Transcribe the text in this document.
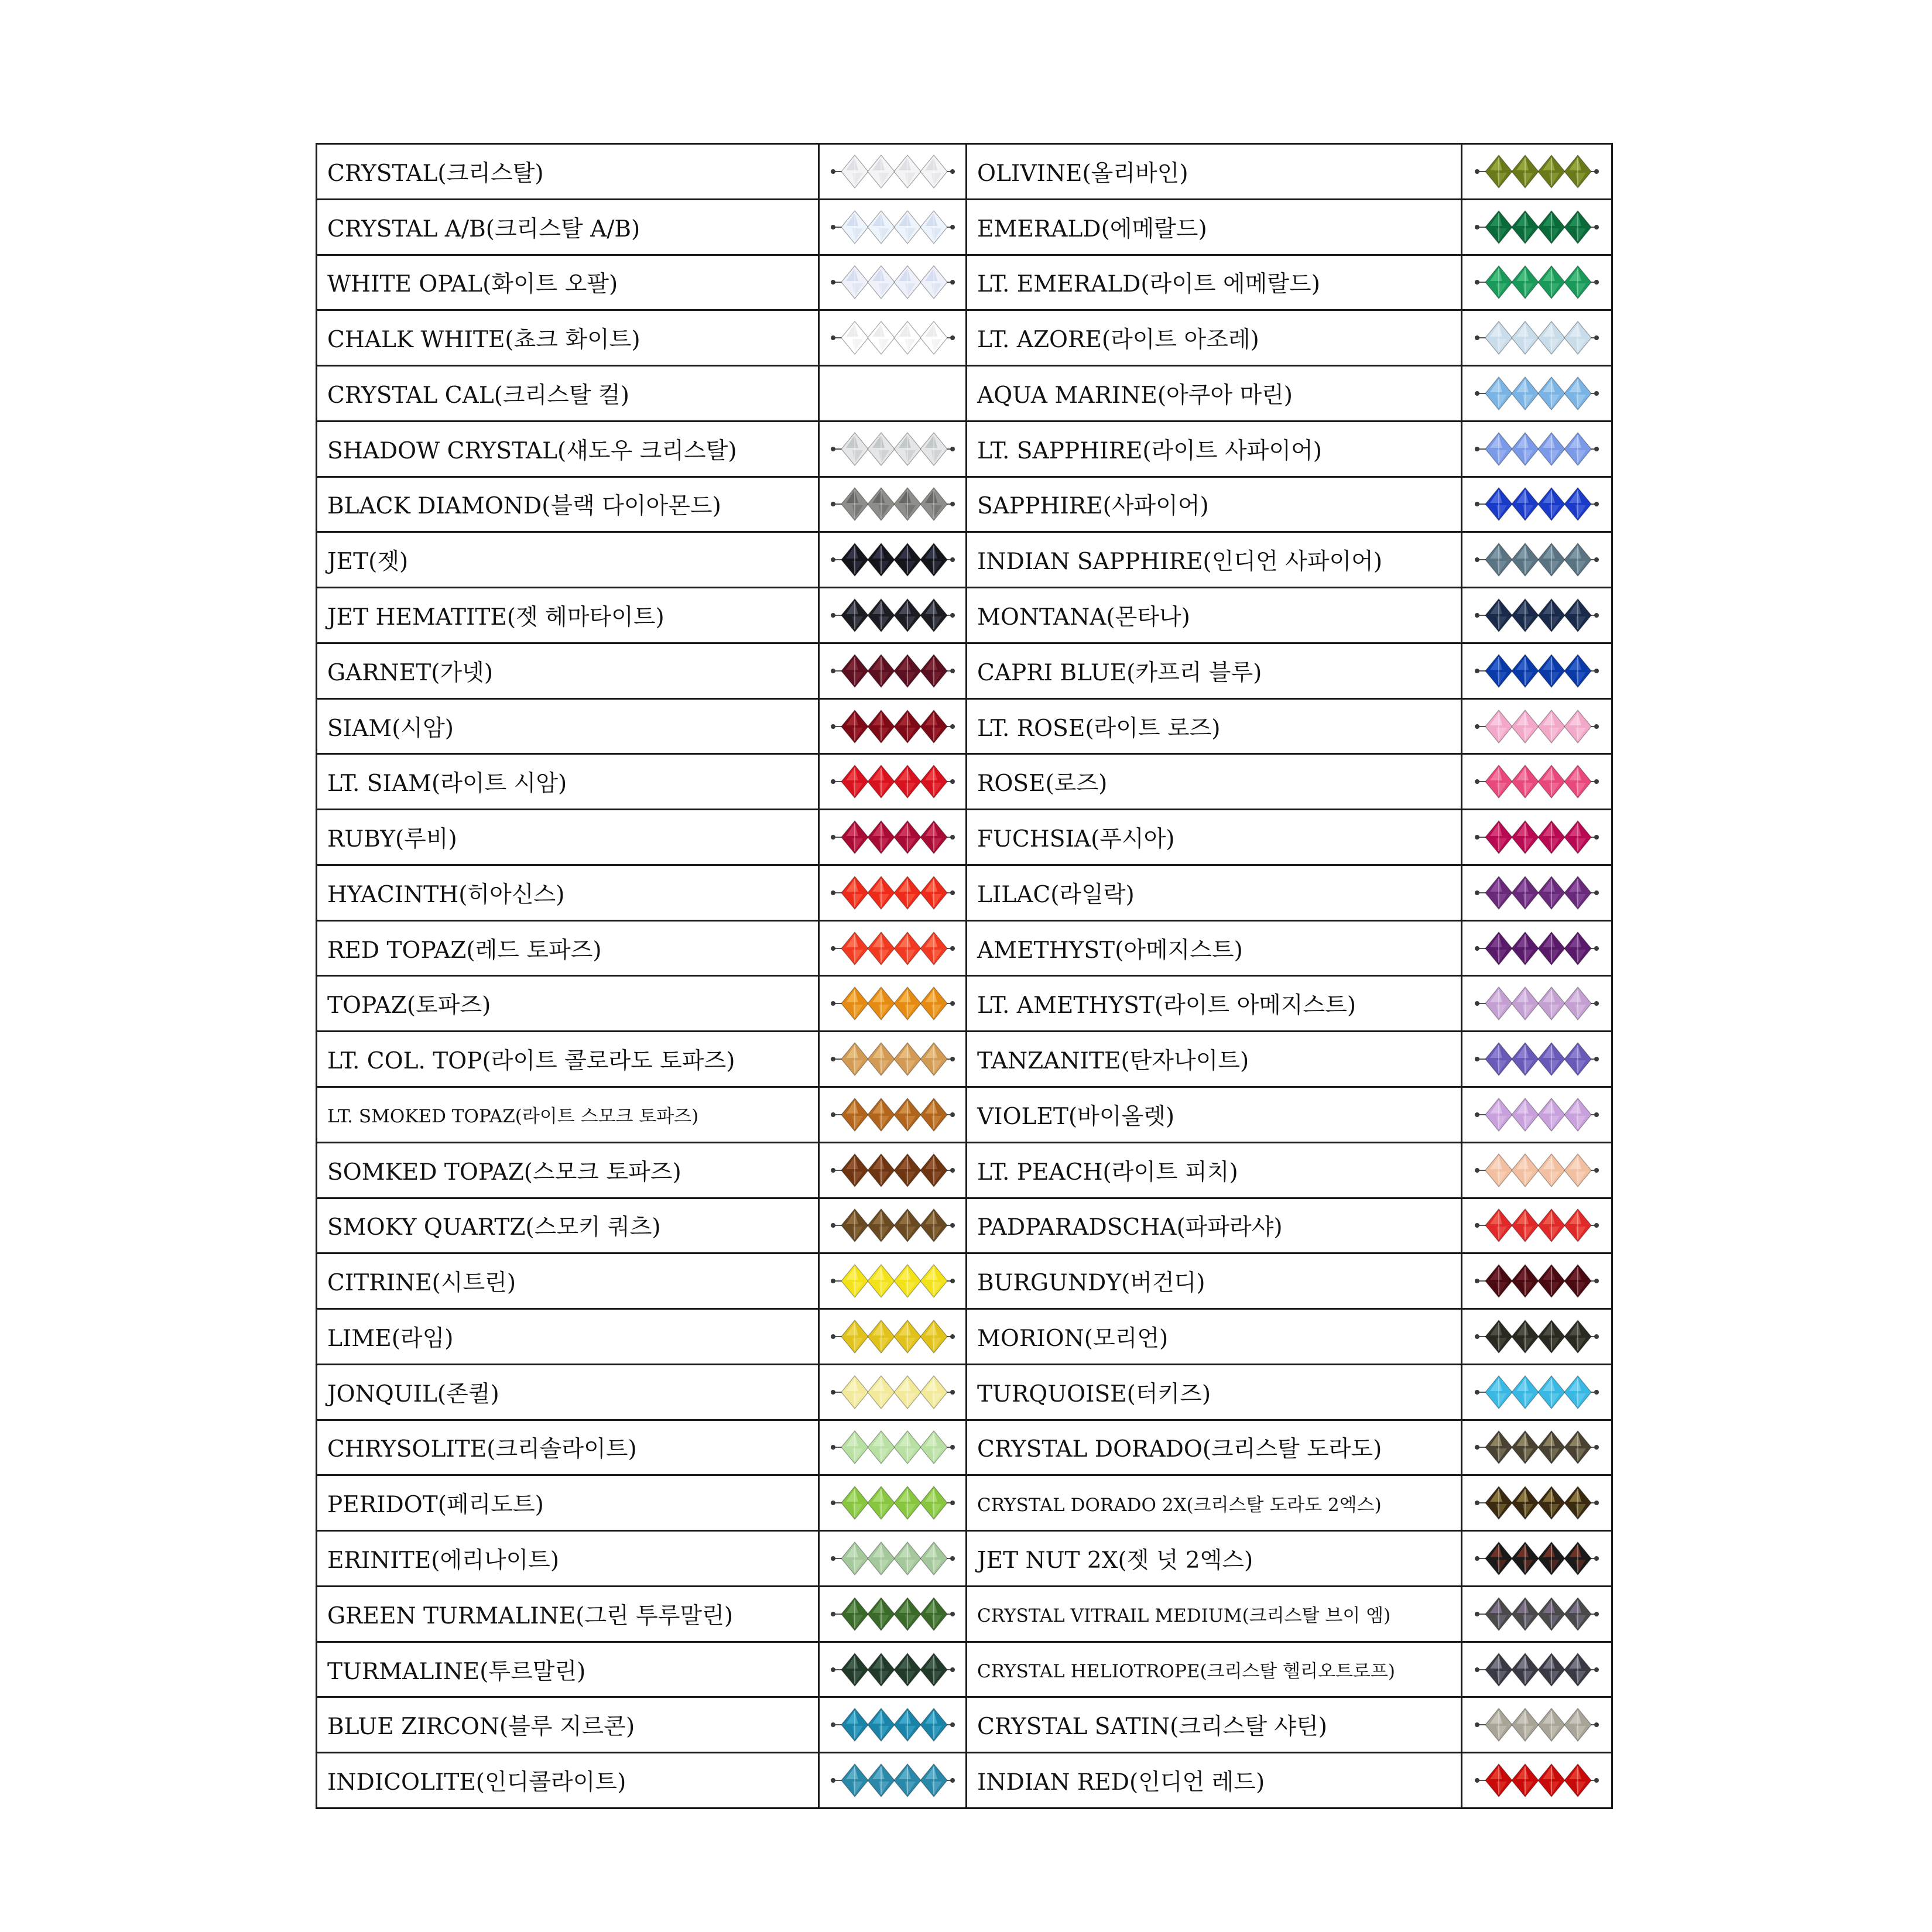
CRYSTAL(크리스탈)		OLIVINE(올리바인)	

CRYSTAL A/B(크리스탈 A/B)		EMERALD(에메랄드)	

WHITE OPAL(화이트 오팔)		LT. EMERALD(라이트 에메랄드)	

CHALK WHITE(쵸크 화이트)		LT. AZORE(라이트 아조레)	

CRYSTAL CAL(크리스탈 컬)		AQUA MARINE(아쿠아 마린)	

SHADOW CRYSTAL(섀도우 크리스탈)		LT. SAPPHIRE(라이트 사파이어)	

BLACK DIAMOND(블랙 다이아몬드)		SAPPHIRE(사파이어)	

JET(젯)		INDIAN SAPPHIRE(인디언 사파이어)	

JET HEMATITE(젯 헤마타이트)		MONTANA(몬타나)	

GARNET(가넷)		CAPRI BLUE(카프리 블루)	

SIAM(시암)		LT. ROSE(라이트 로즈)	

LT. SIAM(라이트 시암)		ROSE(로즈)	

RUBY(루비)		FUCHSIA(푸시아)	

HYACINTH(히아신스)		LILAC(라일락)	

RED TOPAZ(레드 토파즈)		AMETHYST(아메지스트)	

TOPAZ(토파즈)		LT. AMETHYST(라이트 아메지스트)	

LT. COL. TOP(라이트 콜로라도 토파즈)		TANZANITE(탄자나이트)	

LT. SMOKED TOPAZ(라이트 스모크 토파즈)		VIOLET(바이올렛)	

SOMKED TOPAZ(스모크 토파즈)		LT. PEACH(라이트 피치)	

SMOKY QUARTZ(스모키 쿼츠)		PADPARADSCHA(파파라샤)	

CITRINE(시트린)		BURGUNDY(버건디)	

LIME(라임)		MORION(모리언)	

JONQUIL(존퀼)		TURQUOISE(터키즈)	

CHRYSOLITE(크리솔라이트)		CRYSTAL DORADO(크리스탈 도라도)	

PERIDOT(페리도트)		CRYSTAL DORADO 2X(크리스탈 도라도 2엑스)	

ERINITE(에리나이트)		JET NUT 2X(젯 넛 2엑스)	

GREEN TURMALINE(그린 투루말린)		CRYSTAL VITRAIL MEDIUM(크리스탈 브이 엠)	

TURMALINE(투르말린)		CRYSTAL HELIOTROPE(크리스탈 헬리오트로프)	

BLUE ZIRCON(블루 지르콘)		CRYSTAL SATIN(크리스탈 샤틴)	

INDICOLITE(인디콜라이트)		INDIAN RED(인디언 레드)	
